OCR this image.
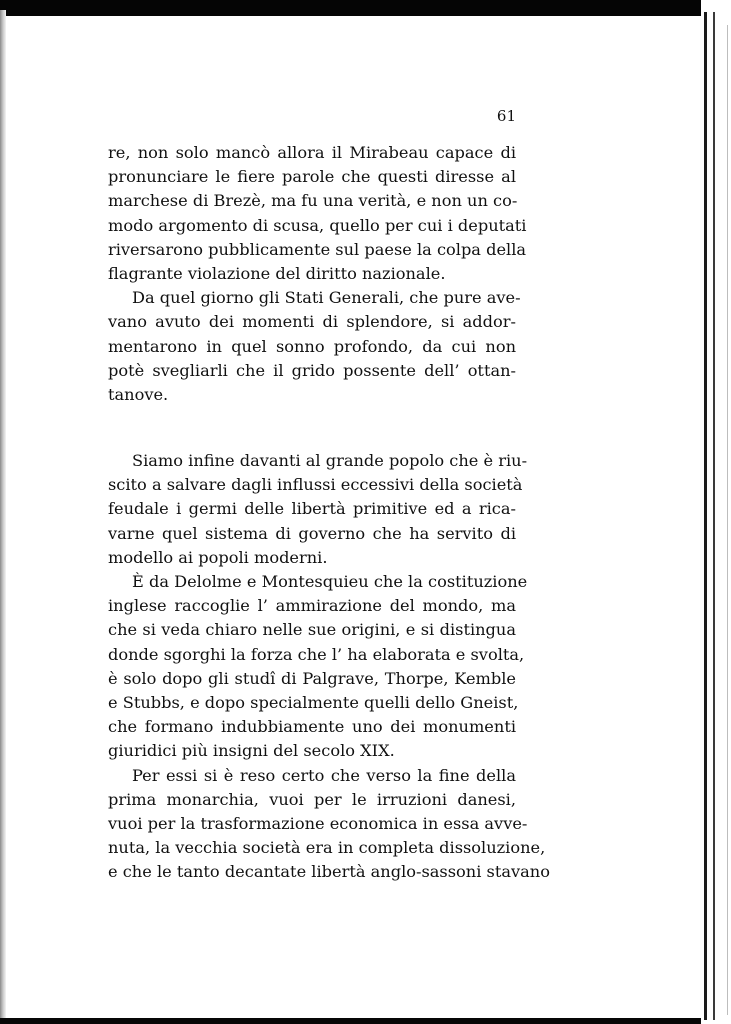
61

re, non solo mancò allora il Mirabeau capace di
pronunciare le fiere parole che questi diresse al
marchese di Brezè, ma fu una verità, e non un co-
modo argomento di scusa, quello per cui i deputati
riversarono pubblicamente sul paese la colpa della
flagrante violazione del diritto nazionale.

Da quel giorno gli Stati Generali, che pure ave-
vano avuto dei momenti di splendore, si addor-
mentarono in quel sonno profondo, da cui non
potè svegliarli che il grido possente dell’ ottan-
tanove.

Siamo infine davanti al grande popolo che è riu-
scito a salvare dagli influssi eccessivi della società
feudale i germi delle libertà primitive ed a rica-
varne quel sistema di governo che ha servito di
modello ai popoli moderni.

È da Delolme e Montesquieu che la costituzione
inglese raccoglie l’ ammirazione del mondo, ma
che si veda chiaro nelle sue origini, e si distingua
donde sgorghi la forza che l’ ha elaborata e svolta,
è solo dopo gli studî di Palgrave, Thorpe, Kemble
e Stubbs, e dopo specialmente quelli dello Gneist,
che formano indubbiamente uno dei monumenti
giuridici più insigni del secolo XIX.

Per essi si è reso certo che verso la fine della
prima monarchia, vuoi per le irruzioni danesi,
vuoi per la trasformazione economica in essa avve-
nuta, la vecchia società era in completa dissoluzione,
e che le tanto decantate libertà anglo-sassoni stavano
